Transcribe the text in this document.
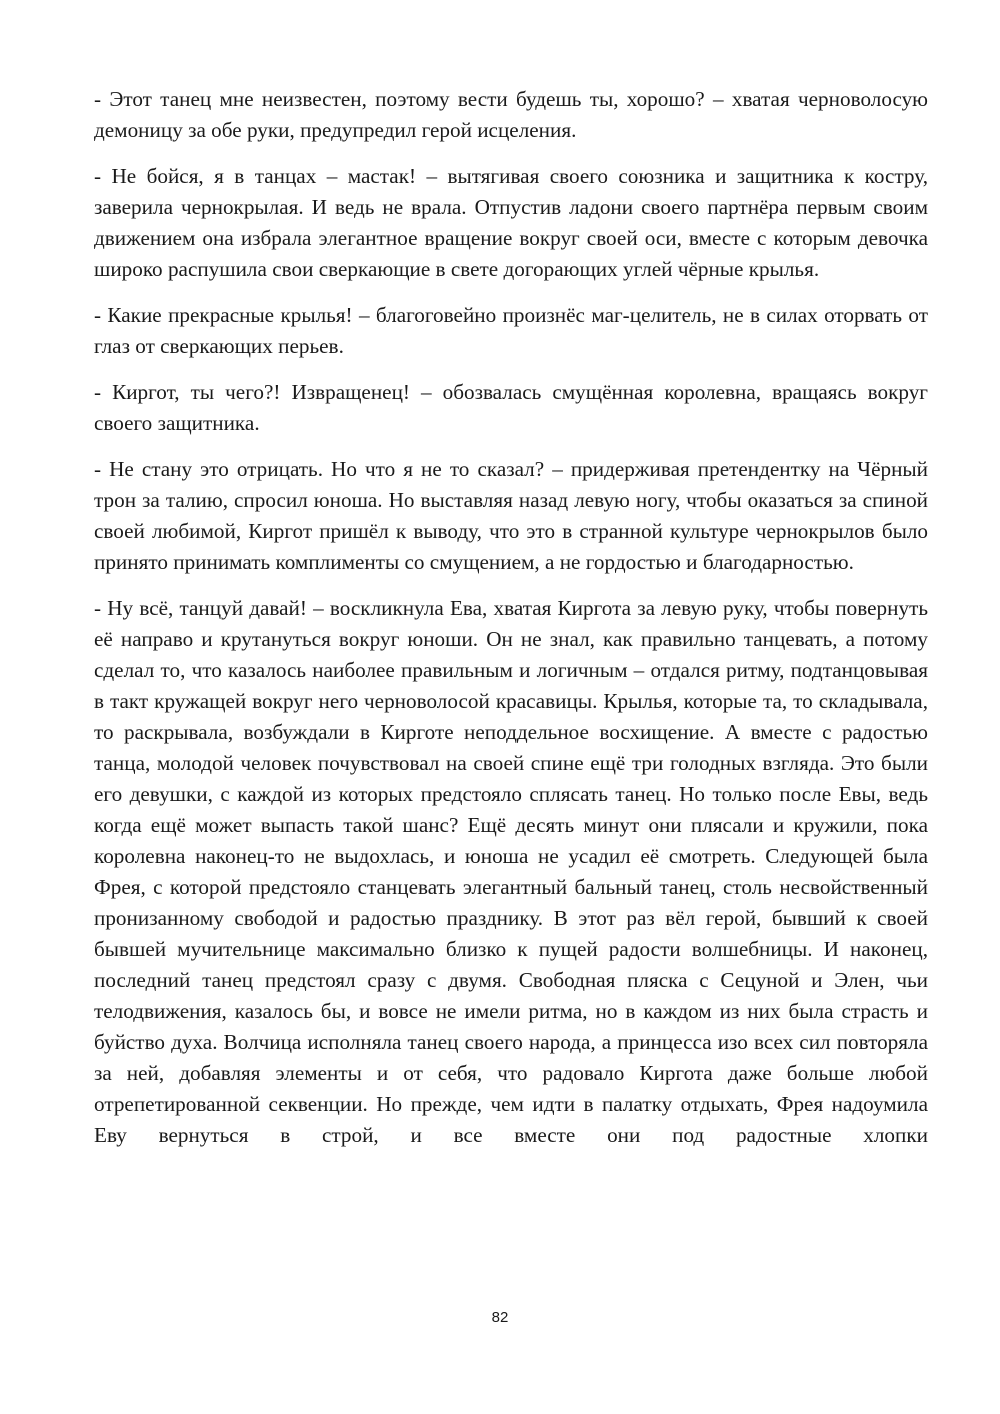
- Этот танец мне неизвестен, поэтому вести будешь ты, хорошо? – хватая черноволосую демоницу за обе руки, предупредил герой исцеления.

- Не бойся, я в танцах – мастак! – вытягивая своего союзника и защитника к костру, заверила чернокрылая. И ведь не врала. Отпустив ладони своего партнёра первым своим движением она избрала элегантное вращение вокруг своей оси, вместе с которым девочка широко распушила свои сверкающие в свете догорающих углей чёрные крылья.

- Какие прекрасные крылья! – благоговейно произнёс маг-целитель, не в силах оторвать от глаз от сверкающих перьев.

- Киргот, ты чего?! Извращенец! – обозвалась смущённая королевна, вращаясь вокруг своего защитника.

- Не стану это отрицать. Но что я не то сказал? – придерживая претендентку на Чёрный трон за талию, спросил юноша. Но выставляя назад левую ногу, чтобы оказаться за спиной своей любимой, Киргот пришёл к выводу, что это в странной культуре чернокрылов было принято принимать комплименты со смущением, а не гордостью и благодарностью.

- Ну всё, танцуй давай! – воскликнула Ева, хватая Киргота за левую руку, чтобы повернуть её направо и крутануться вокруг юноши. Он не знал, как правильно танцевать, а потому сделал то, что казалось наиболее правильным и логичным – отдался ритму, подтанцовывая в такт кружащей вокруг него черноволосой красавицы. Крылья, которые та, то складывала, то раскрывала, возбуждали в Кирготе неподдельное восхищение. А вместе с радостью танца, молодой человек почувствовал на своей спине ещё три голодных взгляда. Это были его девушки, с каждой из которых предстояло сплясать танец. Но только после Евы, ведь когда ещё может выпасть такой шанс? Ещё десять минут они плясали и кружили, пока королевна наконец-то не выдохлась, и юноша не усадил её смотреть. Следующей была Фрея, с которой предстояло станцевать элегантный бальный танец, столь несвойственный пронизанному свободой и радостью празднику. В этот раз вёл герой, бывший к своей бывшей мучительнице максимально близко к пущей радости волшебницы. И наконец, последний танец предстоял сразу с двумя. Свободная пляска с Сецуной и Элен, чьи телодвижения, казалось бы, и вовсе не имели ритма, но в каждом из них была страсть и буйство духа. Волчица исполняла танец своего народа, а принцесса изо всех сил повторяла за ней, добавляя элементы и от себя, что радовало Киргота даже больше любой отрепетированной секвенции. Но прежде, чем идти в палатку отдыхать, Фрея надоумила Еву вернуться в строй, и все вместе они под радостные хлопки

82
